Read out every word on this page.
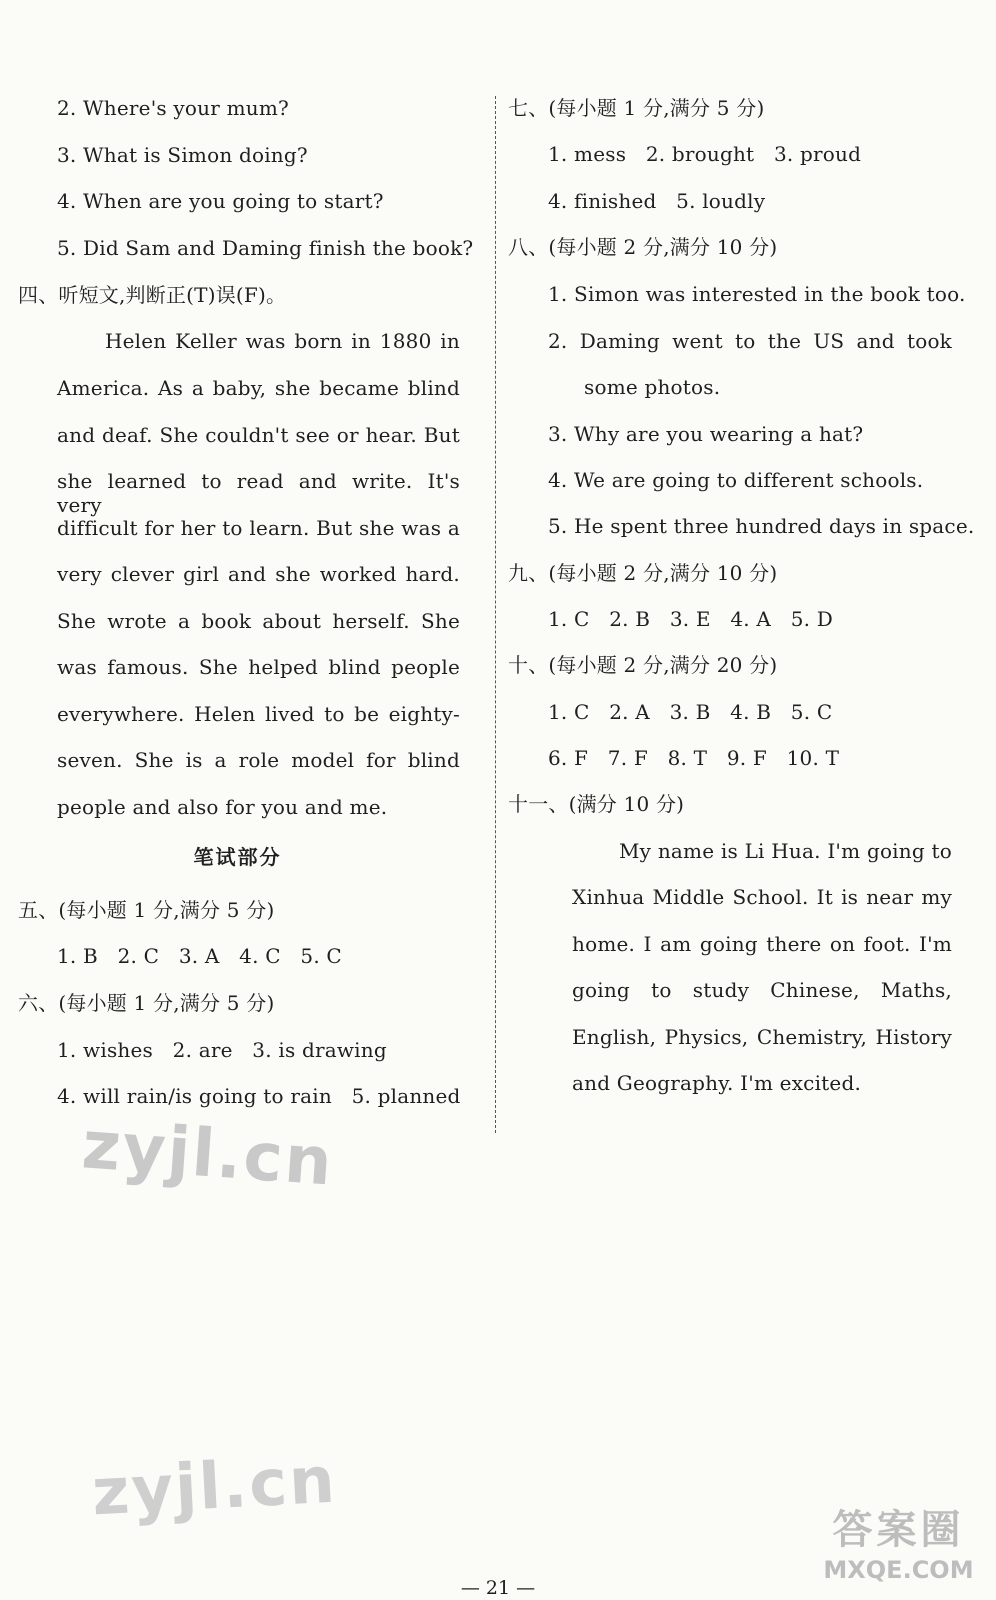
2. Where's your mum?
3. What is Simon doing?
4. When are you going to start?
5. Did Sam and Daming finish the book?
四、听短文,判断正(T)误(F)。
Helen Keller was born in 1880 in
America. As a baby, she became blind
and deaf. She couldn't see or hear. But
she learned to read and write. It's very
difficult for her to learn. But she was a
very clever girl and she worked hard.
She wrote a book about herself. She
was famous. She helped blind people
everywhere. Helen lived to be eighty-
seven. She is a role model for blind
people and also for you and me.
笔试部分
五、(每小题 1 分,满分 5 分)
1. B   2. C   3. A   4. C   5. C
六、(每小题 1 分,满分 5 分)
1. wishes   2. are   3. is drawing
4. will rain/is going to rain   5. planned
七、(每小题 1 分,满分 5 分)
1. mess   2. brought   3. proud
4. finished   5. loudly
八、(每小题 2 分,满分 10 分)
1. Simon was interested in the book too.
2. Daming went to the US and took
some photos.
3. Why are you wearing a hat?
4. We are going to different schools.
5. He spent three hundred days in space.
九、(每小题 2 分,满分 10 分)
1. C   2. B   3. E   4. A   5. D
十、(每小题 2 分,满分 20 分)
1. C   2. A   3. B   4. B   5. C
6. F   7. F   8. T   9. F   10. T
十一、(满分 10 分)
My name is Li Hua. I'm going to
Xinhua Middle School. It is near my
home. I am going there on foot. I'm
going to study Chinese, Maths,
English, Physics, Chemistry, History
and Geography. I'm excited.
zyjl.cn
zyjl.cn	答案圈
MXQE.COM
— 21 —
